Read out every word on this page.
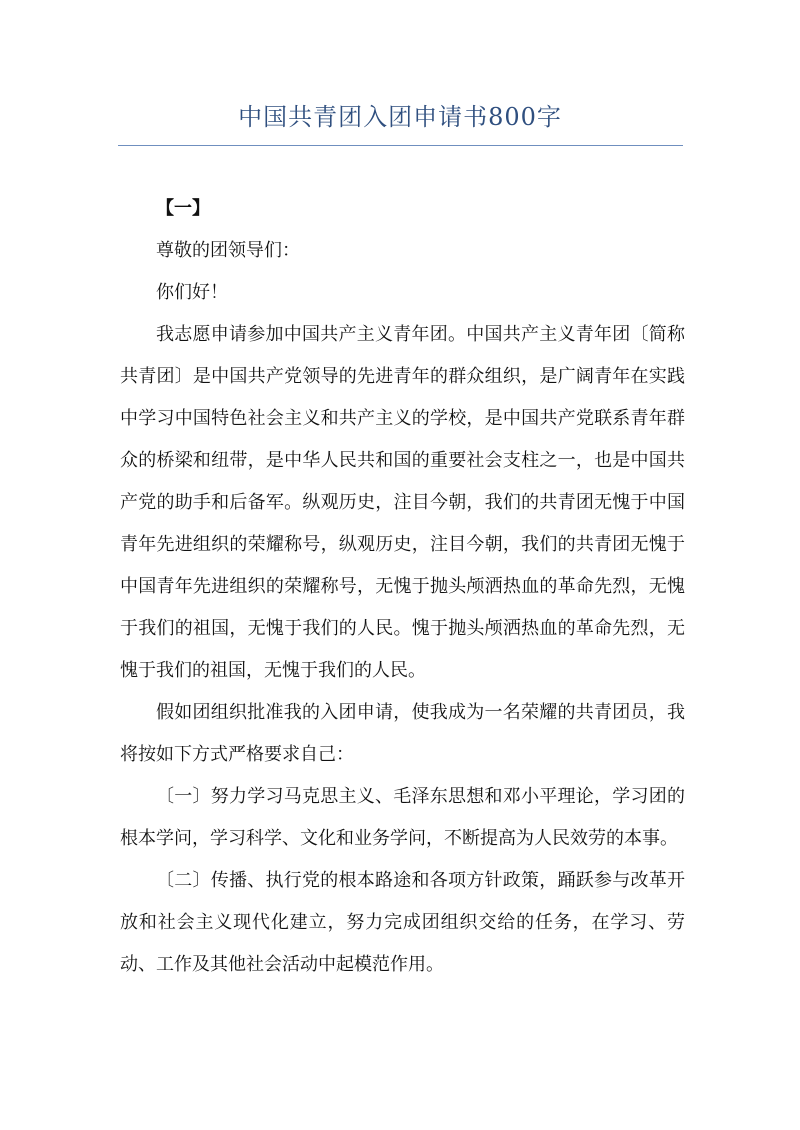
中国共青团入团申请书800字

【一】

尊敬的团领导们：

你们好！

我志愿申请参加中国共产主义青年团。中国共产主义青年团〔简称共青团〕是中国共产党领导的先进青年的群众组织，是广阔青年在实践中学习中国特色社会主义和共产主义的学校，是中国共产党联系青年群众的桥梁和纽带，是中华人民共和国的重要社会支柱之一，也是中国共产党的助手和后备军。纵观历史，注目今朝，我们的共青团无愧于中国青年先进组织的荣耀称号，纵观历史，注目今朝，我们的共青团无愧于中国青年先进组织的荣耀称号，无愧于抛头颅洒热血的革命先烈，无愧于我们的祖国，无愧于我们的人民。愧于抛头颅洒热血的革命先烈，无愧于我们的祖国，无愧于我们的人民。

假如团组织批准我的入团申请，使我成为一名荣耀的共青团员，我将按如下方式严格要求自己：

〔一〕努力学习马克思主义、毛泽东思想和邓小平理论，学习团的根本学问，学习科学、文化和业务学问，不断提高为人民效劳的本事。

〔二〕传播、执行党的根本路途和各项方针政策，踊跃参与改革开放和社会主义现代化建立，努力完成团组织交给的任务，在学习、劳动、工作及其他社会活动中起模范作用。
